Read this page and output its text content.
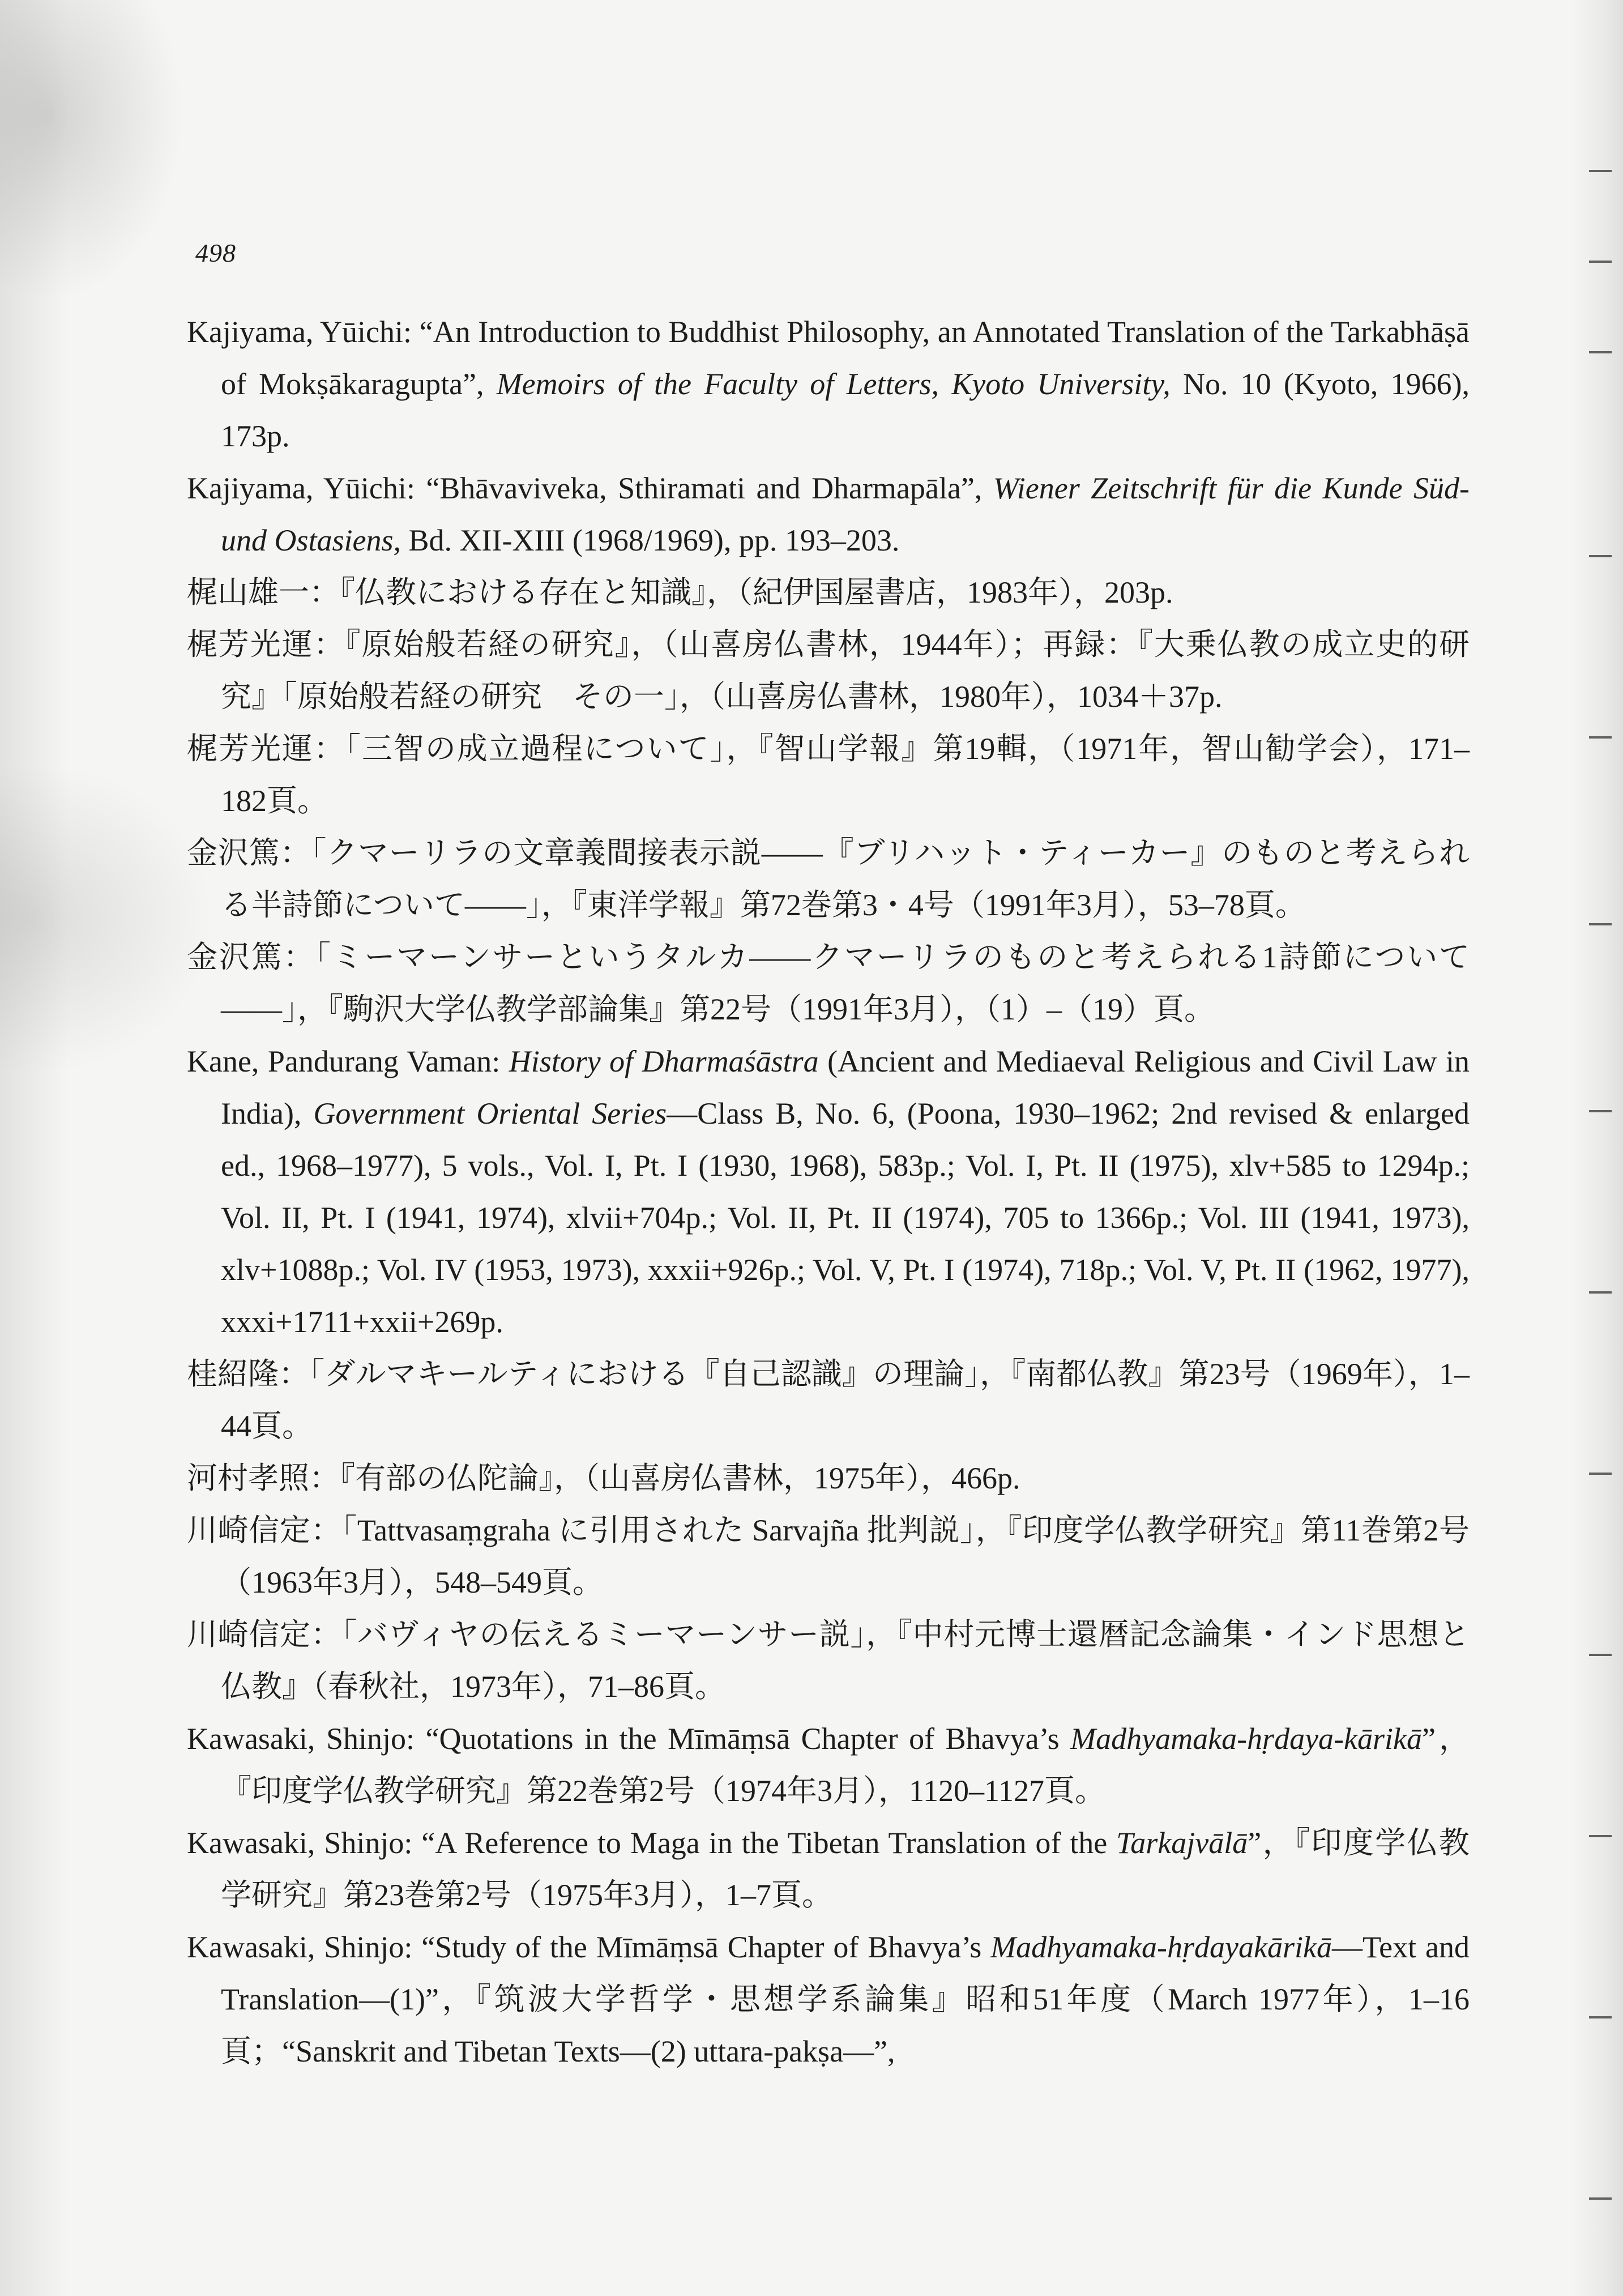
498

Kajiyama, Yūichi: “An Introduction to Buddhist Philosophy, an Annotated Translation of the Tarkabhāṣā of Mokṣākaragupta”, Memoirs of the Faculty of Letters, Kyoto University, No. 10 (Kyoto, 1966), 173p.

Kajiyama, Yūichi: “Bhāvaviveka, Sthiramati and Dharmapāla”, Wiener Zeitschrift für die Kunde Süd- und Ostasiens, Bd. XII-XIII (1968/1969), pp. 193–203.

梶山雄一：『仏教における存在と知識』，（紀伊国屋書店，1983年），203p.

梶芳光運：『原始般若経の研究』，（山喜房仏書林，1944年）；再録：『大乗仏教の成立史的研究』「原始般若経の研究　その一」，（山喜房仏書林，1980年），1034＋37p.

梶芳光運：「三智の成立過程について」，『智山学報』第19輯，（1971年，智山勧学会），171–182頁。

金沢篤：「クマーリラの文章義間接表示説――『ブリハット・ティーカー』のものと考えられる半詩節について――」，『東洋学報』第72巻第3・4号（1991年3月），53–78頁。

金沢篤：「ミーマーンサーというタルカ――クマーリラのものと考えられる1詩節について――」，『駒沢大学仏教学部論集』第22号（1991年3月），（1）–（19）頁。

Kane, Pandurang Vaman: History of Dharmaśāstra (Ancient and Mediaeval Religious and Civil Law in India), Government Oriental Series—Class B, No. 6, (Poona, 1930–1962; 2nd revised & enlarged ed., 1968–1977), 5 vols., Vol. I, Pt. I (1930, 1968), 583p.; Vol. I, Pt. II (1975), xlv+585 to 1294p.; Vol. II, Pt. I (1941, 1974), xlvii+704p.; Vol. II, Pt. II (1974), 705 to 1366p.; Vol. III (1941, 1973), xlv+1088p.; Vol. IV (1953, 1973), xxxii+926p.; Vol. V, Pt. I (1974), 718p.; Vol. V, Pt. II (1962, 1977), xxxi+1711+xxii+269p.

桂紹隆：「ダルマキールティにおける『自己認識』の理論」，『南都仏教』第23号（1969年），1–44頁。

河村孝照：『有部の仏陀論』，（山喜房仏書林，1975年），466p.

川崎信定：「Tattvasaṃgraha に引用された Sarvajña 批判説」，『印度学仏教学研究』第11巻第2号（1963年3月），548–549頁。

川崎信定：「バヴィヤの伝えるミーマーンサー説」，『中村元博士還暦記念論集・インド思想と仏教』（春秋社，1973年），71–86頁。

Kawasaki, Shinjo: “Quotations in the Mīmāṃsā Chapter of Bhavya’s Madhyamaka-hṛdaya-kārikā”，『印度学仏教学研究』第22巻第2号（1974年3月），1120–1127頁。

Kawasaki, Shinjo: “A Reference to Maga in the Tibetan Translation of the Tarkajvālā”，『印度学仏教学研究』第23巻第2号（1975年3月），1–7頁。

Kawasaki, Shinjo: “Study of the Mīmāṃsā Chapter of Bhavya’s Madhyamaka-hṛdayakārikā—Text and Translation—(1)”，『筑波大学哲学・思想学系論集』昭和51年度（March 1977年），1–16頁；“Sanskrit and Tibetan Texts—(2) uttara-pakṣa—”,
